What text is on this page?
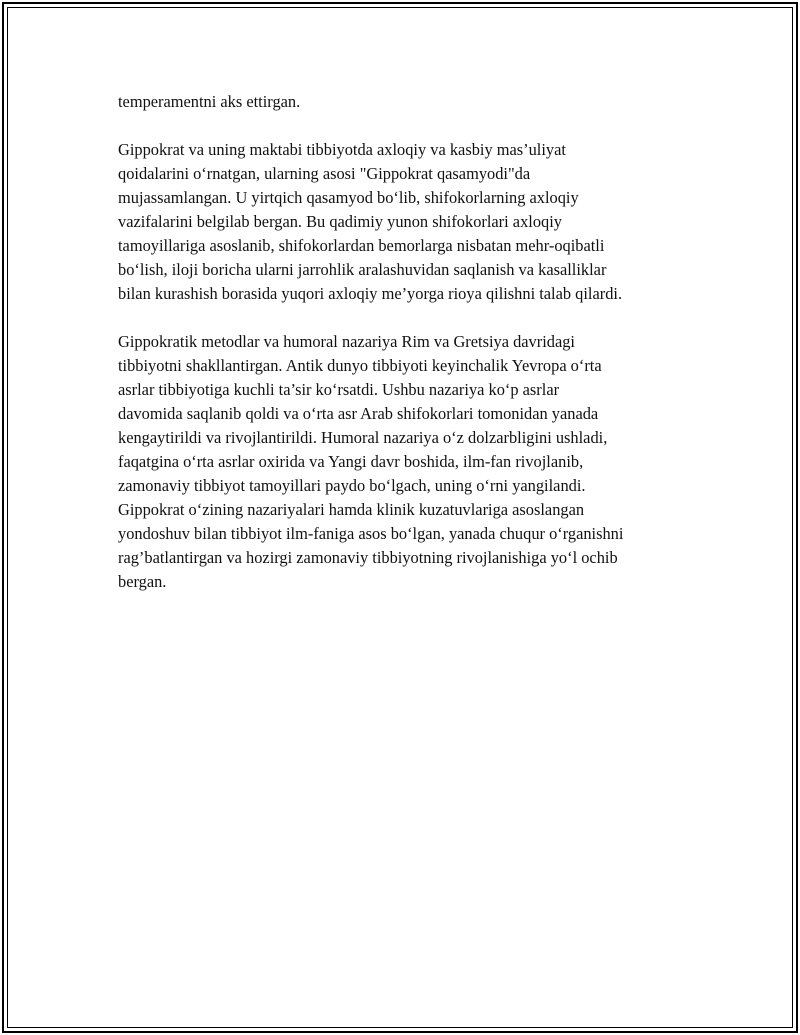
temperamentni aks ettirgan.

Gippokrat va uning maktabi tibbiyotda axloqiy va kasbiy mas’uliyat
qoidalarini o‘rnatgan, ularning asosi "Gippokrat qasamyodi"da
mujassamlangan. U yirtqich qasamyod bo‘lib, shifokorlarning axloqiy
vazifalarini belgilab bergan. Bu qadimiy yunon shifokorlari axloqiy
tamoyillariga asoslanib, shifokorlardan bemorlarga nisbatan mehr-oqibatli
bo‘lish, iloji boricha ularni jarrohlik aralashuvidan saqlanish va kasalliklar
bilan kurashish borasida yuqori axloqiy me’yorga rioya qilishni talab qilardi.

Gippokratik metodlar va humoral nazariya Rim va Gretsiya davridagi
tibbiyotni shakllantirgan. Antik dunyo tibbiyoti keyinchalik Yevropa o‘rta
asrlar tibbiyotiga kuchli ta’sir ko‘rsatdi. Ushbu nazariya ko‘p asrlar
davomida saqlanib qoldi va o‘rta asr Arab shifokorlari tomonidan yanada
kengaytirildi va rivojlantirildi. Humoral nazariya o‘z dolzarbligini ushladi,
faqatgina o‘rta asrlar oxirida va Yangi davr boshida, ilm-fan rivojlanib,
zamonaviy tibbiyot tamoyillari paydo bo‘lgach, uning o‘rni yangilandi.
Gippokrat o‘zining nazariyalari hamda klinik kuzatuvlariga asoslangan
yondoshuv bilan tibbiyot ilm-faniga asos bo‘lgan, yanada chuqur o‘rganishni
rag’batlantirgan va hozirgi zamonaviy tibbiyotning rivojlanishiga yo‘l ochib
bergan.
